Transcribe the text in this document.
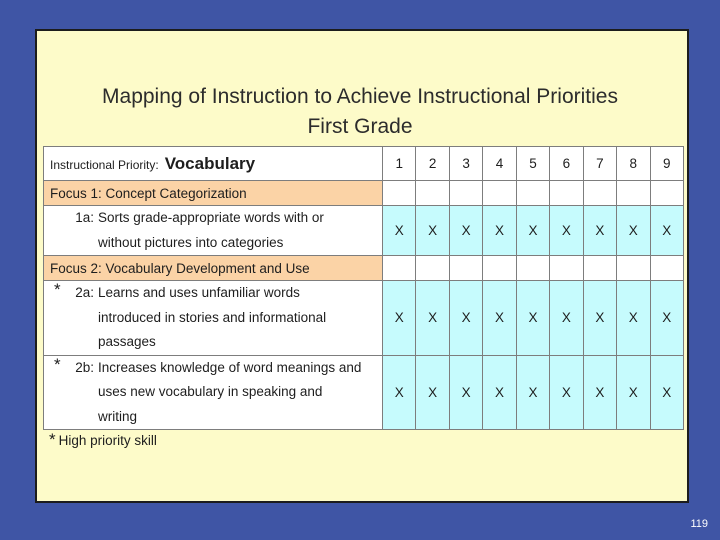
Mapping of Instruction to Achieve Instructional Priorities
First Grade
Instructional Priority: Vocabulary	1	2	3	4	5	6	7	8	9
Focus 1: Concept Categorization									

1a: Sorts grade-appropriate words with or
without pictures into categories	X	X	X	X	X	X	X	X	X
Focus 2: Vocabulary Development and Use									

* 2a: Learns and uses unfamiliar words
introduced in stories and informational
passages	X	X	X	X	X	X	X	X	X

* 2b: Increases knowledge of word meanings and
uses new vocabulary in speaking and
writing	X	X	X	X	X	X	X	X	X
* High priority skill
119
